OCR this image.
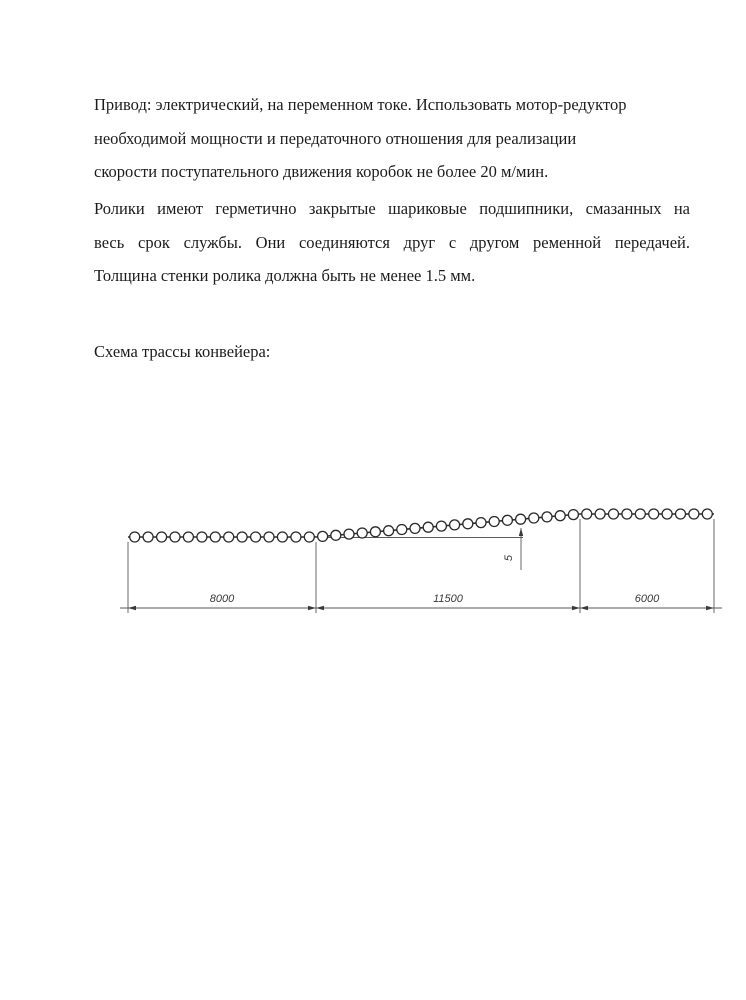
Привод: электрический, на переменном токе. Использовать мотор-редуктор
необходимой мощности и передаточного отношения для реализации
скорости поступательного движения коробок не более 20 м/мин.
Ролики имеют герметично закрытые шариковые подшипники, смазанных на
весь срок службы. Они соединяются друг с другом ременной передачей.
Толщина стенки ролика должна быть не менее 1.5 мм.
Схема трассы конвейера:
5
8000	11500	6000
